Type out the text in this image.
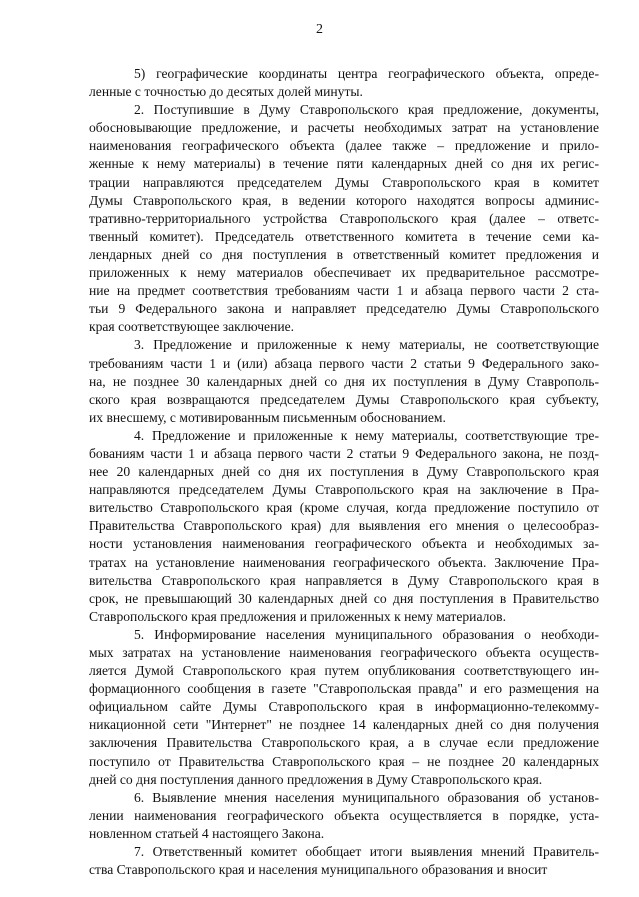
2
5) географические координаты центра географического объекта, опреде-
ленные с точностью до десятых долей минуты.
2. Поступившие в Думу Ставропольского края предложение, документы,
обосновывающие предложение, и расчеты необходимых затрат на установление
наименования географического объекта (далее также – предложение и прило-
женные к нему материалы) в течение пяти календарных дней со дня их регис-
трации направляются председателем Думы Ставропольского края в комитет
Думы Ставропольского края, в ведении которого находятся вопросы админис-
тративно-территориального устройства Ставропольского края (далее – ответс-
твенный комитет). Председатель ответственного комитета в течение семи ка-
лендарных дней со дня поступления в ответственный комитет предложения и
приложенных к нему материалов обеспечивает их предварительное рассмотре-
ние на предмет соответствия требованиям части 1 и абзаца первого части 2 ста-
тьи 9 Федерального закона и направляет председателю Думы Ставропольского
края соответствующее заключение.
3. Предложение и приложенные к нему материалы, не соответствующие
требованиям части 1 и (или) абзаца первого части 2 статьи 9 Федерального зако-
на, не позднее 30 календарных дней со дня их поступления в Думу Ставрополь-
ского края возвращаются председателем Думы Ставропольского края субъекту,
их внесшему, с мотивированным письменным обоснованием.
4. Предложение и приложенные к нему материалы, соответствующие тре-
бованиям части 1 и абзаца первого части 2 статьи 9 Федерального закона, не позд-
нее 20 календарных дней со дня их поступления в Думу Ставропольского края
направляются председателем Думы Ставропольского края на заключение в Пра-
вительство Ставропольского края (кроме случая, когда предложение поступило от
Правительства Ставропольского края) для выявления его мнения о целесообраз-
ности установления наименования географического объекта и необходимых за-
тратах на установление наименования географического объекта. Заключение Пра-
вительства Ставропольского края направляется в Думу Ставропольского края в
срок, не превышающий 30 календарных дней со дня поступления в Правительство
Ставропольского края предложения и приложенных к нему материалов.
5. Информирование населения муниципального образования о необходи-
мых затратах на установление наименования географического объекта осуществ-
ляется Думой Ставропольского края путем опубликования соответствующего ин-
формационного сообщения в газете "Ставропольская правда" и его размещения на
официальном сайте Думы Ставропольского края в информационно-телекомму-
никационной сети "Интернет" не позднее 14 календарных дней со дня получения
заключения Правительства Ставропольского края, а в случае если предложение
поступило от Правительства Ставропольского края – не позднее 20 календарных
дней со дня поступления данного предложения в Думу Ставропольского края.
6. Выявление мнения населения муниципального образования об установ-
лении наименования географического объекта осуществляется в порядке, уста-
новленном статьей 4 настоящего Закона.
7. Ответственный комитет обобщает итоги выявления мнений Правитель-
ства Ставропольского края и населения муниципального образования и вносит
